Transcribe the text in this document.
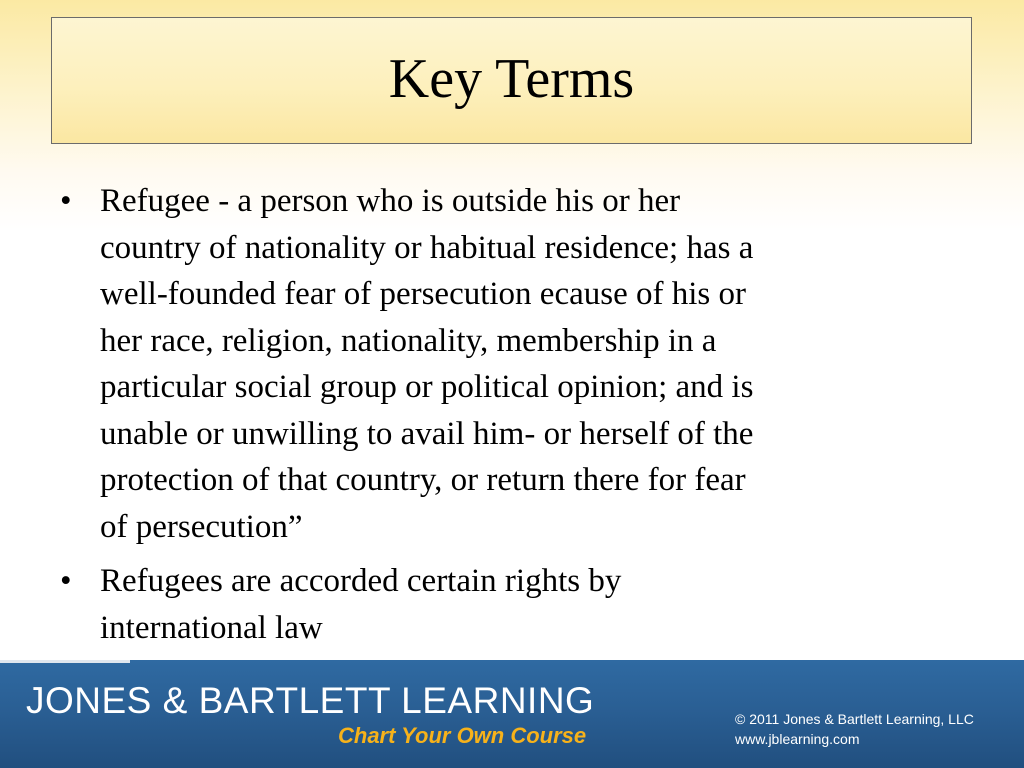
Key Terms
• Refugee - a person who is outside his or her
country of nationality or habitual residence; has a
well-founded fear of persecution ecause of his or
her race, religion, nationality, membership in a
particular social group or political opinion; and is
unable or unwilling to avail him- or herself of the
protection of that country, or return there for fear
of persecution”
• Refugees are accorded certain rights by
international law
JONES & BARTLETT LEARNING
Chart Your Own Course
© 2011 Jones & Bartlett Learning, LLC
www.jblearning.com
